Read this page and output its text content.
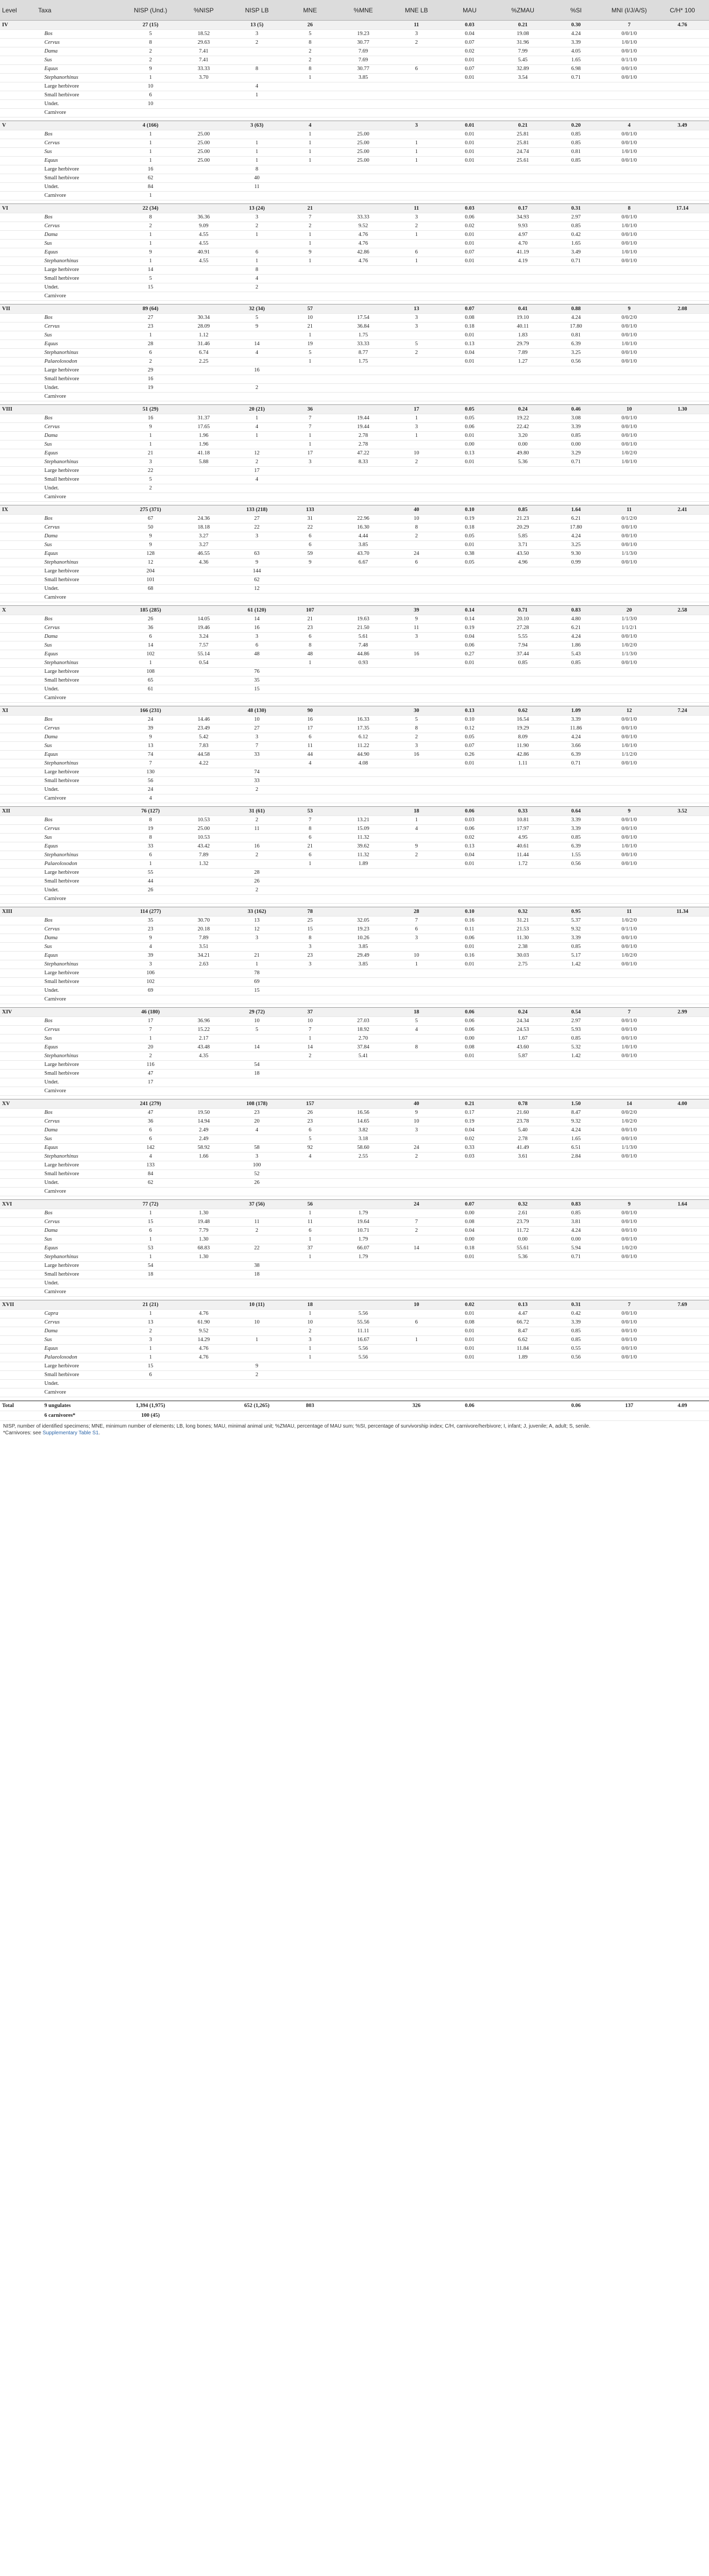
Level	Taxa	NISP (Und.)	%NISP	NISP LB	MNE	%MNE	MNE LB	MAU	%ZMAU	%SI	MNI (I/J/A/S)	C/H* 100
IV		27 (15)		13 (5)	26		11	0.03	0.21	0.30	7	4.76
	Bos	5	18.52	3	5	19.23	3	0.04	19.08	4.24	0/0/1/0	
	Cervus	8	29.63	2	8	30.77	2	0.07	31.96	3.39	1/0/1/0	
	Dama	2	7.41		2	7.69		0.02	7.99	4.05	0/0/1/0	
	Sus	2	7.41		2	7.69		0.01	5.45	1.65	0/1/1/0	
	Equus	9	33.33	8	8	30.77	6	0.07	32.89	6.98	0/0/1/0	
	Stephanorhinus	1	3.70		1	3.85		0.01	3.54	0.71	0/0/1/0	
	Large herbivore	10		4								
	Small herbivore	6		1								
	Undet.	10										
	Carnivore											

V		4 (166)		3 (63)	4		3	0.01	0.21	0.20	4	3.49
	Bos	1	25.00		1	25.00		0.01	25.81	0.85	0/0/1/0	
	Cervus	1	25.00	1	1	25.00	1	0.01	25.81	0.85	0/0/1/0	
	Sus	1	25.00	1	1	25.00	1	0.01	24.74	0.81	1/0/1/0	
	Equus	1	25.00	1	1	25.00	1	0.01	25.61	0.85	0/0/1/0	
	Large herbivore	16		8								
	Small herbivore	62		40								
	Undet.	84		11								
	Carnivore	1										

VI		22 (34)		13 (24)	21		11	0.03	0.17	0.31	8	17.14
	Bos	8	36.36	3	7	33.33	3	0.06	34.93	2.97	0/0/1/0	
	Cervus	2	9.09	2	2	9.52	2	0.02	9.93	0.85	1/0/1/0	
	Dama	1	4.55	1	1	4.76	1	0.01	4.97	0.42	0/0/1/0	
	Sus	1	4.55		1	4.76		0.01	4.70	1.65	0/0/1/0	
	Equus	9	40.91	6	9	42.86	6	0.07	41.19	3.49	1/0/1/0	
	Stephanorhinus	1	4.55	1	1	4.76	1	0.01	4.19	0.71	0/0/1/0	
	Large herbivore	14		8								
	Small herbivore	5		4								
	Undet.	15		2								
	Carnivore											

VII		89 (64)		32 (34)	57		13	0.07	0.41	0.88	9	2.08
	Bos	27	30.34	5	10	17.54	3	0.08	19.10	4.24	0/0/2/0	
	Cervus	23	28.09	9	21	36.84	3	0.18	40.11	17.80	0/0/1/0	
	Sus	1	1.12		1	1.75		0.01	1.83	0.81	0/0/1/0	
	Equus	28	31.46	14	19	33.33	5	0.13	29.79	6.39	1/0/1/0	
	Stephanorhinus	6	6.74	4	5	8.77	2	0.04	7.89	3.25	0/0/1/0	
	Palaeoloxodon	2	2.25		1	1.75		0.01	1.27	0.56	0/0/1/0	
	Large herbivore	29		16								
	Small herbivore	16										
	Undet.	19		2								
	Carnivore											

VIII		51 (29)		20 (21)	36		17	0.05	0.24	0.46	10	1.30
	Bos	16	31.37	1	7	19.44	1	0.05	19.22	3.08	0/0/1/0	
	Cervus	9	17.65	4	7	19.44	3	0.06	22.42	3.39	0/0/1/0	
	Dama	1	1.96	1	1	2.78	1	0.01	3.20	0.85	0/0/1/0	
	Sus	1	1.96		1	2.78		0.00	0.00	0.00	0/0/1/0	
	Equus	21	41.18	12	17	47.22	10	0.13	49.80	3.29	1/0/2/0	
	Stephanorhinus	3	5.88	2	3	8.33	2	0.01	5.36	0.71	1/0/1/0	
	Large herbivore	22		17								
	Small herbivore	5		4								
	Undet.	2										
	Carnivore											

IX		275 (371)		133 (218)	133		40	0.10	0.85	1.64	11	2.41
	Bos	67	24.36	27	31	22.96	10	0.19	21.23	6.21	0/1/2/0	
	Cervus	50	18.18	22	22	16.30	8	0.18	20.29	17.80	0/0/1/0	
	Dama	9	3.27	3	6	4.44	2	0.05	5.85	4.24	0/0/1/0	
	Sus	9	3.27		6	3.85		0.01	3.71	3.25	0/0/1/0	
	Equus	128	46.55	63	59	43.70	24	0.38	43.50	9.30	1/1/3/0	
	Stephanorhinus	12	4.36	9	9	6.67	6	0.05	4.96	0.99	0/0/1/0	
	Large herbivore	204		144								
	Small herbivore	101		62								
	Undet.	68		12								
	Carnivore											

X		185 (285)		61 (120)	107		39	0.14	0.71	0.83	20	2.58
	Bos	26	14.05	14	21	19.63	9	0.14	20.10	4.80	1/1/3/0	
	Cervus	36	19.46	16	23	21.50	11	0.19	27.28	6.21	1/1/2/1	
	Dama	6	3.24	3	6	5.61	3	0.04	5.55	4.24	0/0/1/0	
	Sus	14	7.57	6	8	7.48		0.06	7.94	1.86	1/0/2/0	
	Equus	102	55.14	48	48	44.86	16	0.27	37.44	5.43	1/1/3/0	
	Stephanorhinus	1	0.54		1	0.93		0.01	0.85	0.85	0/0/1/0	
	Large herbivore	108		76								
	Small herbivore	65		35								
	Undet.	61		15								
	Carnivore											

XI		166 (231)		48 (130)	90		30	0.13	0.62	1.09	12	7.24
	Bos	24	14.46	10	16	16.33	5	0.10	16.54	3.39	0/0/1/0	
	Cervus	39	23.49	27	17	17.35	8	0.12	19.29	11.86	0/0/1/0	
	Dama	9	5.42	3	6	6.12	2	0.05	8.09	4.24	0/0/1/0	
	Sus	13	7.83	7	11	11.22	3	0.07	11.90	3.66	1/0/1/0	
	Equus	74	44.58	33	44	44.90	16	0.26	42.86	6.39	1/1/2/0	
	Stephanorhinus	7	4.22		4	4.08		0.01	1.11	0.71	0/0/1/0	
	Large herbivore	130		74								
	Small herbivore	56		33								
	Undet.	24		2								
	Carnivore	4										

XII		76 (127)		31 (61)	53		18	0.06	0.33	0.64	9	3.52
	Bos	8	10.53	2	7	13.21	1	0.03	10.81	3.39	0/0/1/0	
	Cervus	19	25.00	11	8	15.09	4	0.06	17.97	3.39	0/0/1/0	
	Sus	8	10.53		6	11.32		0.02	4.95	0.85	0/0/1/0	
	Equus	33	43.42	16	21	39.62	9	0.13	40.61	6.39	1/0/1/0	
	Stephanorhinus	6	7.89	2	6	11.32	2	0.04	11.44	1.55	0/0/1/0	
	Palaeoloxodon	1	1.32		1	1.89		0.01	1.72	0.56	0/0/1/0	
	Large herbivore	55		28								
	Small herbivore	44		26								
	Undet.	26		2								
	Carnivore											

XIII		114 (277)		33 (162)	78		28	0.10	0.32	0.95	11	11.34
	Bos	35	30.70	13	25	32.05	7	0.16	31.21	5.37	1/0/2/0	
	Cervus	23	20.18	12	15	19.23	6	0.11	21.53	9.32	0/1/1/0	
	Dama	9	7.89	3	8	10.26	3	0.06	11.30	3.39	0/0/1/0	
	Sus	4	3.51		3	3.85		0.01	2.38	0.85	0/0/1/0	
	Equus	39	34.21	21	23	29.49	10	0.16	30.03	5.17	1/0/2/0	
	Stephanorhinus	3	2.63	1	3	3.85	1	0.01	2.75	1.42	0/0/1/0	
	Large herbivore	106		78								
	Small herbivore	102		69								
	Undet.	69		15								
	Carnivore											

XIV		46 (180)		29 (72)	37		18	0.06	0.24	0.54	7	2.99
	Bos	17	36.96	10	10	27.03	5	0.06	24.34	2.97	0/0/1/0	
	Cervus	7	15.22	5	7	18.92	4	0.06	24.53	5.93	0/0/1/0	
	Sus	1	2.17		1	2.70		0.00	1.67	0.85	0/0/1/0	
	Equus	20	43.48	14	14	37.84	8	0.08	43.60	5.32	1/0/1/0	
	Stephanorhinus	2	4.35		2	5.41		0.01	5.87	1.42	0/0/1/0	
	Large herbivore	116		54								
	Small herbivore	47		18								
	Undet.	17										
	Carnivore											

XV		241 (279)		108 (178)	157		40	0.21	0.78	1.50	14	4.00
	Bos	47	19.50	23	26	16.56	9	0.17	21.60	8.47	0/0/2/0	
	Cervus	36	14.94	20	23	14.65	10	0.19	23.78	9.32	1/0/2/0	
	Dama	6	2.49	4	6	3.82	3	0.04	5.40	4.24	0/0/1/0	
	Sus	6	2.49		5	3.18		0.02	2.78	1.65	0/0/1/0	
	Equus	142	58.92	58	92	58.60	24	0.33	41.49	6.51	1/1/3/0	
	Stephanorhinus	4	1.66	3	4	2.55	2	0.03	3.61	2.84	0/0/1/0	
	Large herbivore	133		100								
	Small herbivore	84		52								
	Undet.	62		26								
	Carnivore											

XVI		77 (72)		37 (56)	56		24	0.07	0.32	0.83	9	1.64
	Bos	1	1.30		1	1.79		0.00	2.61	0.85	0/0/1/0	
	Cervus	15	19.48	11	11	19.64	7	0.08	23.79	3.81	0/0/1/0	
	Dama	6	7.79	2	6	10.71	2	0.04	11.72	4.24	0/0/1/0	
	Sus	1	1.30		1	1.79		0.00	0.00	0.00	0/0/1/0	
	Equus	53	68.83	22	37	66.07	14	0.18	55.61	5.94	1/0/2/0	
	Stephanorhinus	1	1.30		1	1.79		0.01	5.36	0.71	0/0/1/0	
	Large herbivore	54		38								
	Small herbivore	18		18								
	Undet.											
	Carnivore											

XVII		21 (21)		10 (11)	18		10	0.02	0.13	0.31	7	7.69
	Capra	1	4.76		1	5.56		0.01	4.47	0.42	0/0/1/0	
	Cervus	13	61.90	10	10	55.56	6	0.08	66.72	3.39	0/0/1/0	
	Dama	2	9.52		2	11.11		0.01	8.47	0.85	0/0/1/0	
	Sus	3	14.29	1	3	16.67	1	0.01	6.62	0.85	0/0/1/0	
	Equus	1	4.76		1	5.56		0.01	11.84	0.55	0/0/1/0	
	Palaeoloxodon	1	4.76		1	5.56		0.01	1.89	0.56	0/0/1/0	
	Large herbivore	15		9								
	Small herbivore	6		2								
	Undet.											
	Carnivore											

Total	9 ungulates	1,394 (1,975)		652 (1,265)	803		326	0.06		0.06	137	4.09
	6 carnivores*	100 (45)										
NISP, number of identified specimens; MNE, minimum number of elements; LB, long bones; MAU, minimal animal unit; %ZMAU, percentage of MAU sum; %SI, percentage of survivorship index; C/H, carnivore/herbivore; I, infant; J, juvenile; A, adult; S, senile.
*Carnivores: see Supplementary Table S1.
